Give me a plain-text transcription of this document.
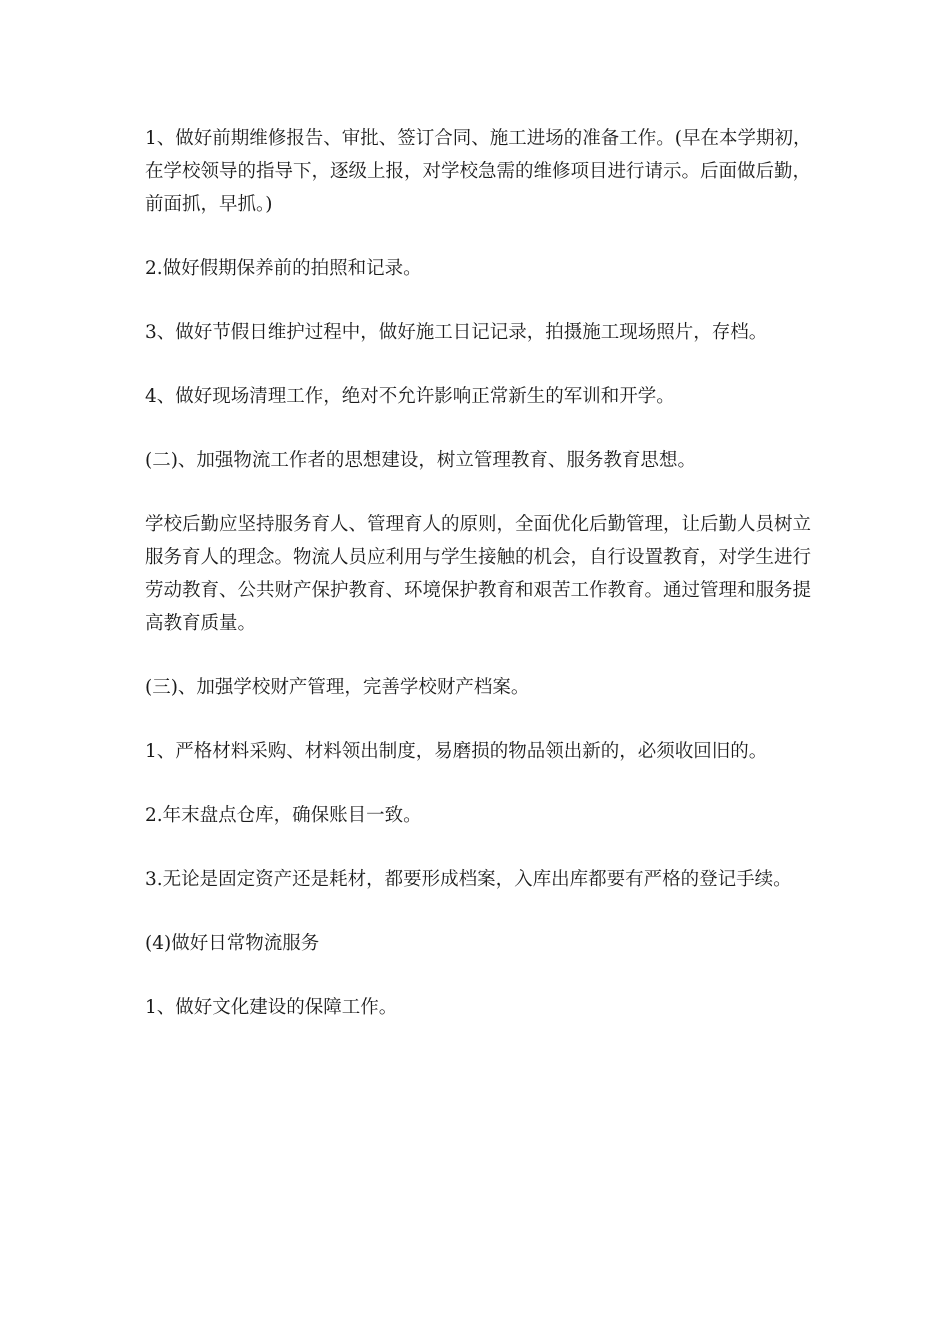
1、做好前期维修报告、审批、签订合同、施工进场的准备工作。(早在本学期初，在学校领导的指导下，逐级上报，对学校急需的维修项目进行请示。后面做后勤，前面抓，早抓。)

2.做好假期保养前的拍照和记录。

3、做好节假日维护过程中，做好施工日记记录，拍摄施工现场照片，存档。

4、做好现场清理工作，绝对不允许影响正常新生的军训和开学。

(二)、加强物流工作者的思想建设，树立管理教育、服务教育思想。

学校后勤应坚持服务育人、管理育人的原则，全面优化后勤管理，让后勤人员树立服务育人的理念。物流人员应利用与学生接触的机会，自行设置教育，对学生进行劳动教育、公共财产保护教育、环境保护教育和艰苦工作教育。通过管理和服务提高教育质量。

(三)、加强学校财产管理，完善学校财产档案。

1、严格材料采购、材料领出制度，易磨损的物品领出新的，必须收回旧的。

2.年末盘点仓库，确保账目一致。

3.无论是固定资产还是耗材，都要形成档案，入库出库都要有严格的登记手续。

(4)做好日常物流服务

1、做好文化建设的保障工作。
